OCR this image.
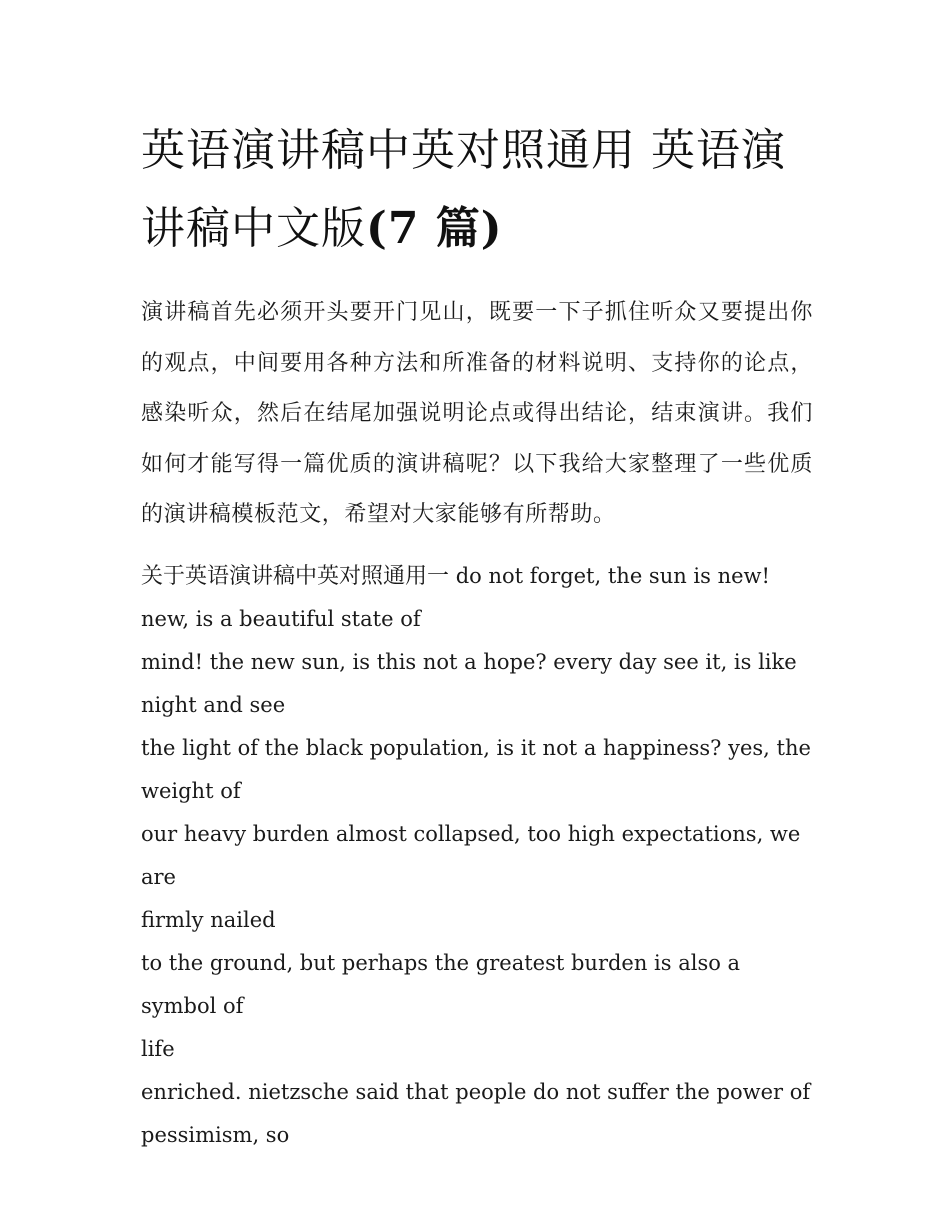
英语演讲稿中英对照通用 英语演讲稿中文版(7 篇)

演讲稿首先必须开头要开门见山，既要一下子抓住听众又要提出你的观点，中间要用各种方法和所准备的材料说明、支持你的论点，感染听众，然后在结尾加强说明论点或得出结论，结束演讲。我们如何才能写得一篇优质的演讲稿呢？以下我给大家整理了一些优质的演讲稿模板范文，希望对大家能够有所帮助。

关于英语演讲稿中英对照通用一 do not forget, the sun is new!
new, is a beautiful state of
mind! the new sun, is this not a hope? every day see it, is like
night and see
the light of the black population, is it not a happiness? yes, the
weight of
our heavy burden almost collapsed, too high expectations, we are
firmly nailed
to the ground, but perhaps the greatest burden is also a symbol of
life
enriched. nietzsche said that people do not suffer the power of
pessimism, so
